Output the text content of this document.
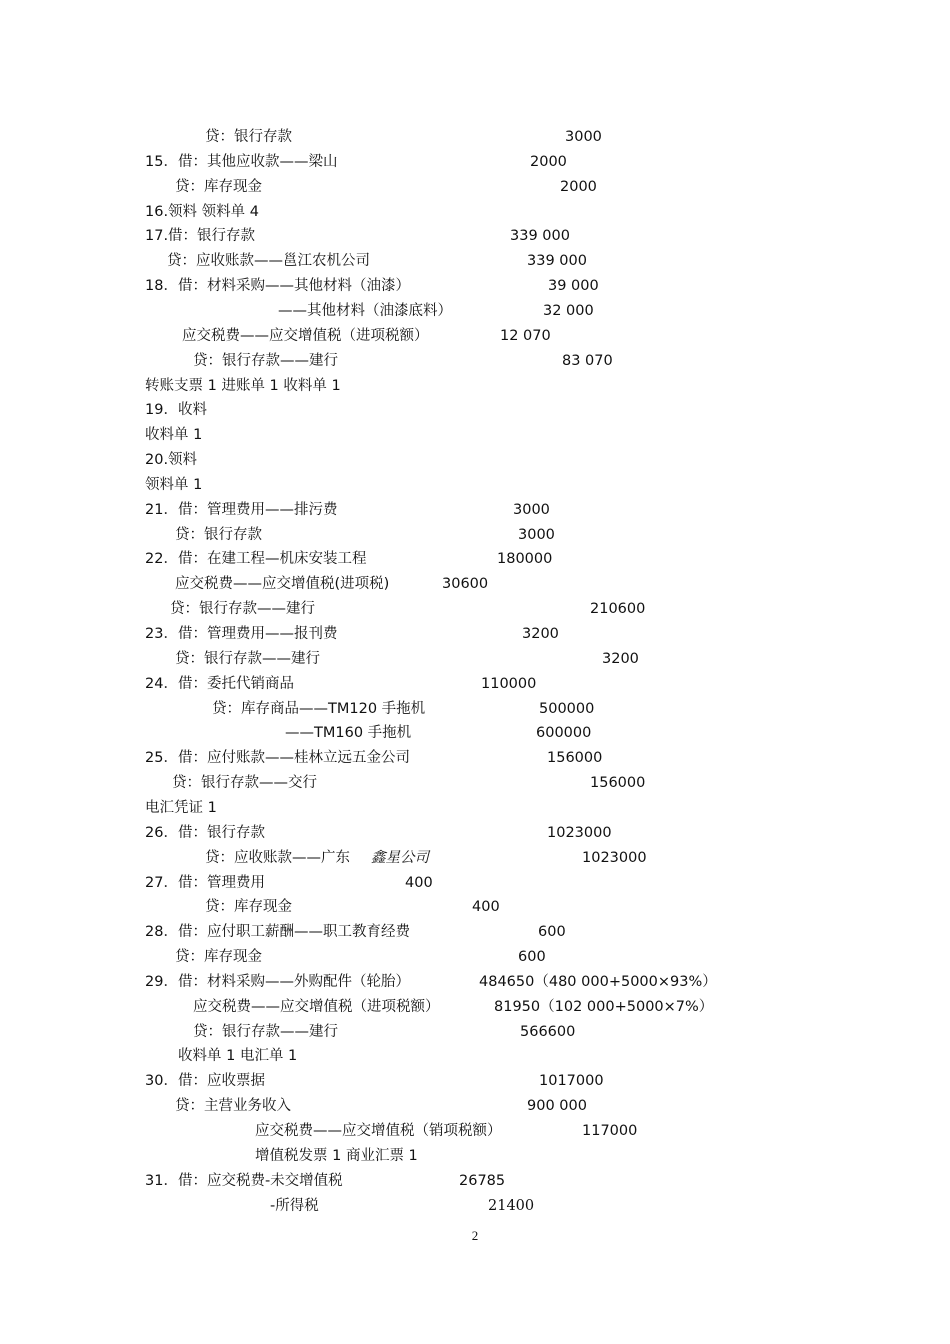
贷：银行存款	3000
15．借：其他应收款——梁山	2000
贷：库存现金	2000
16.领料 领料单 4
17.借：银行存款	339 000
贷：应收账款——邕江农机公司	339 000
18．借：材料采购——其他材料（油漆）	39 000
——其他材料（油漆底料）	32 000
应交税费——应交增值税（进项税额）	12 070
贷：银行存款——建行	83 070
转账支票 1 进账单 1 收料单 1
19．收料
收料单 1
20.领料
领料单 1
21．借：管理费用——排污费	3000
贷：银行存款	3000
22．借：在建工程—机床安装工程	180000
应交税费——应交增值税(进项税)	30600
贷：银行存款——建行	210600
23．借：管理费用——报刊费	3200
贷：银行存款——建行	3200
24．借：委托代销商品	110000
贷：库存商品——TM120 手拖机	500000
——TM160 手拖机	600000
25．借：应付账款——桂林立远五金公司	156000
贷：银行存款——交行	156000
电汇凭证 1
26．借：银行存款	1023000
贷：应收账款——广东 鑫星公司	1023000
27．借：管理费用	400
贷：库存现金	400
28．借：应付职工薪酬——职工教育经费	600
贷：库存现金	600
29．借：材料采购——外购配件（轮胎）	484650（480 000+5000×93%）
应交税费——应交增值税（进项税额）	81950（102 000+5000×7%）
贷：银行存款——建行	566600
收料单 1 电汇单 1
30．借：应收票据	1017000
贷：主营业务收入	900 000
应交税费——应交增值税（销项税额）	117000
增值税发票 1 商业汇票 1
31．借：应交税费-未交增值税	26785
-所得税	21400
2
